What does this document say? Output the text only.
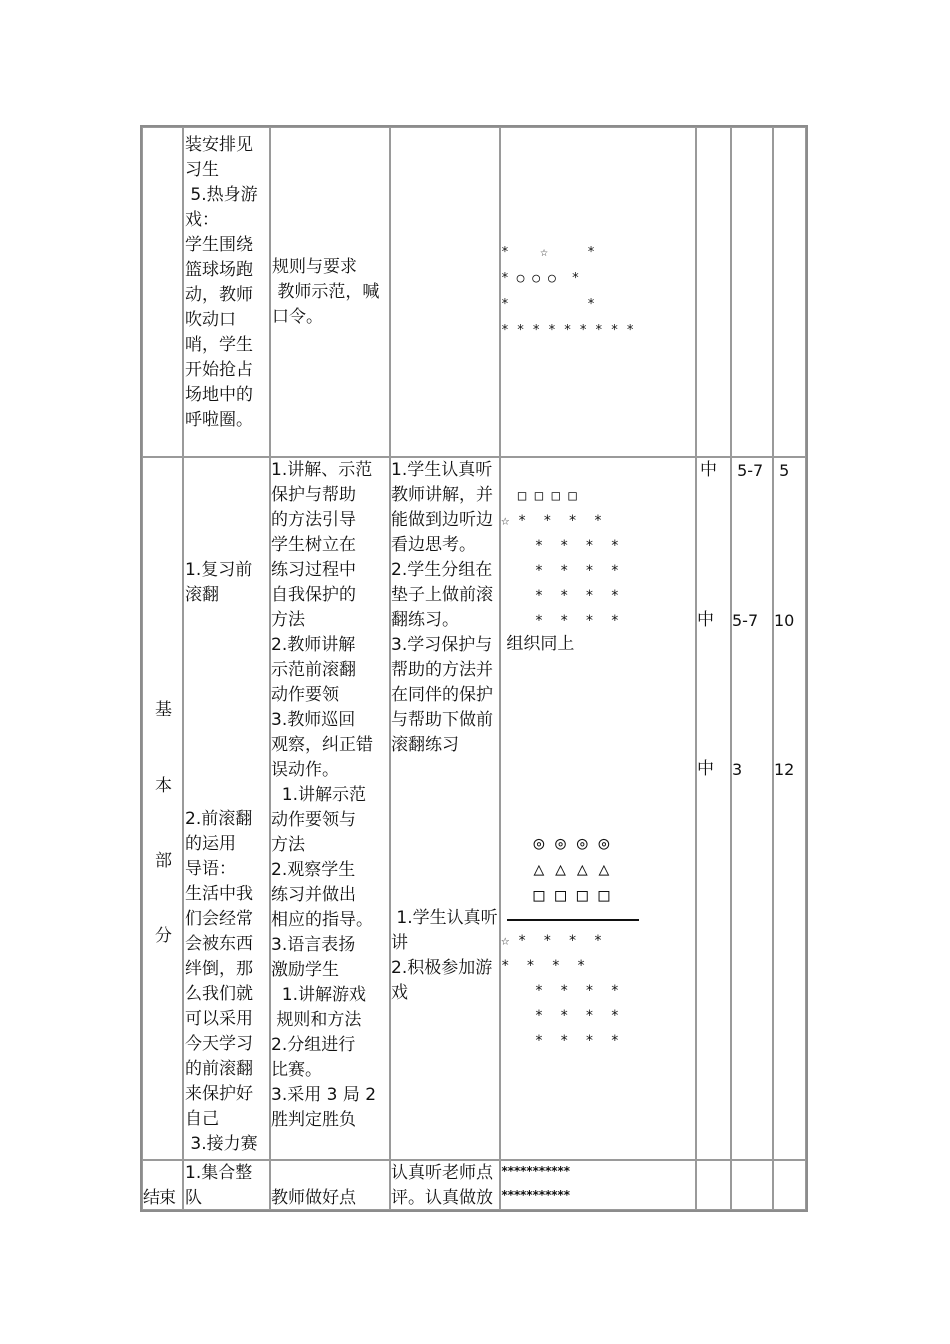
装安排见
习生
5.热身游
戏：
学生围绕
篮球场跑
动，教师
吹动口
哨，学生
开始抢占
场地中的
呼啦圈。
规则与要求
教师示范，喊
口令。
*    ☆     *
* ○ ○ ○  *
*          *
* * * * * * * * *
基
本
部
分
1.复习前
滚翻
2.前滚翻
的运用
导语：
生活中我
们会经常
会被东西
绊倒，那
么我们就
可以采用
今天学习
的前滚翻
来保护好
自己
3.接力赛
1.讲解、示范
保护与帮助
的方法引导
学生树立在
练习过程中
自我保护的
方法
2.教师讲解
示范前滚翻
动作要领
3.教师巡回
观察，纠正错
误动作。
1.讲解示范
动作要领与
方法
2.观察学生
练习并做出
相应的指导。
3.语言表扬
激励学生
1.讲解游戏
规则和方法
2.分组进行
比赛。
3.采用 3 局 2
胜判定胜负
1.学生认真听
教师讲解，并
能做到边听边
看边思考。
2.学生分组在
垫子上做前滚
翻练习。
3.学习保护与
帮助的方法并
在同伴的保护
与帮助下做前
滚翻练习
1.学生认真听
讲
2.积极参加游
戏
□ □ □ □
☆ *  *  *  *
*  *  *  *
*  *  *  *
*  *  *  *
*  *  *  *
组织同上
◎ ◎ ◎ ◎
△ △ △ △
□ □ □ □
☆ *  *  *  *
*  *  *  *
*  *  *  *
*  *  *  *
*  *  *  *
中
中
中
5-7
5-7
3
5
10
12
结束
1.集合整
队	教师做好点
认真听老师点
评。认真做放
***********
***********
